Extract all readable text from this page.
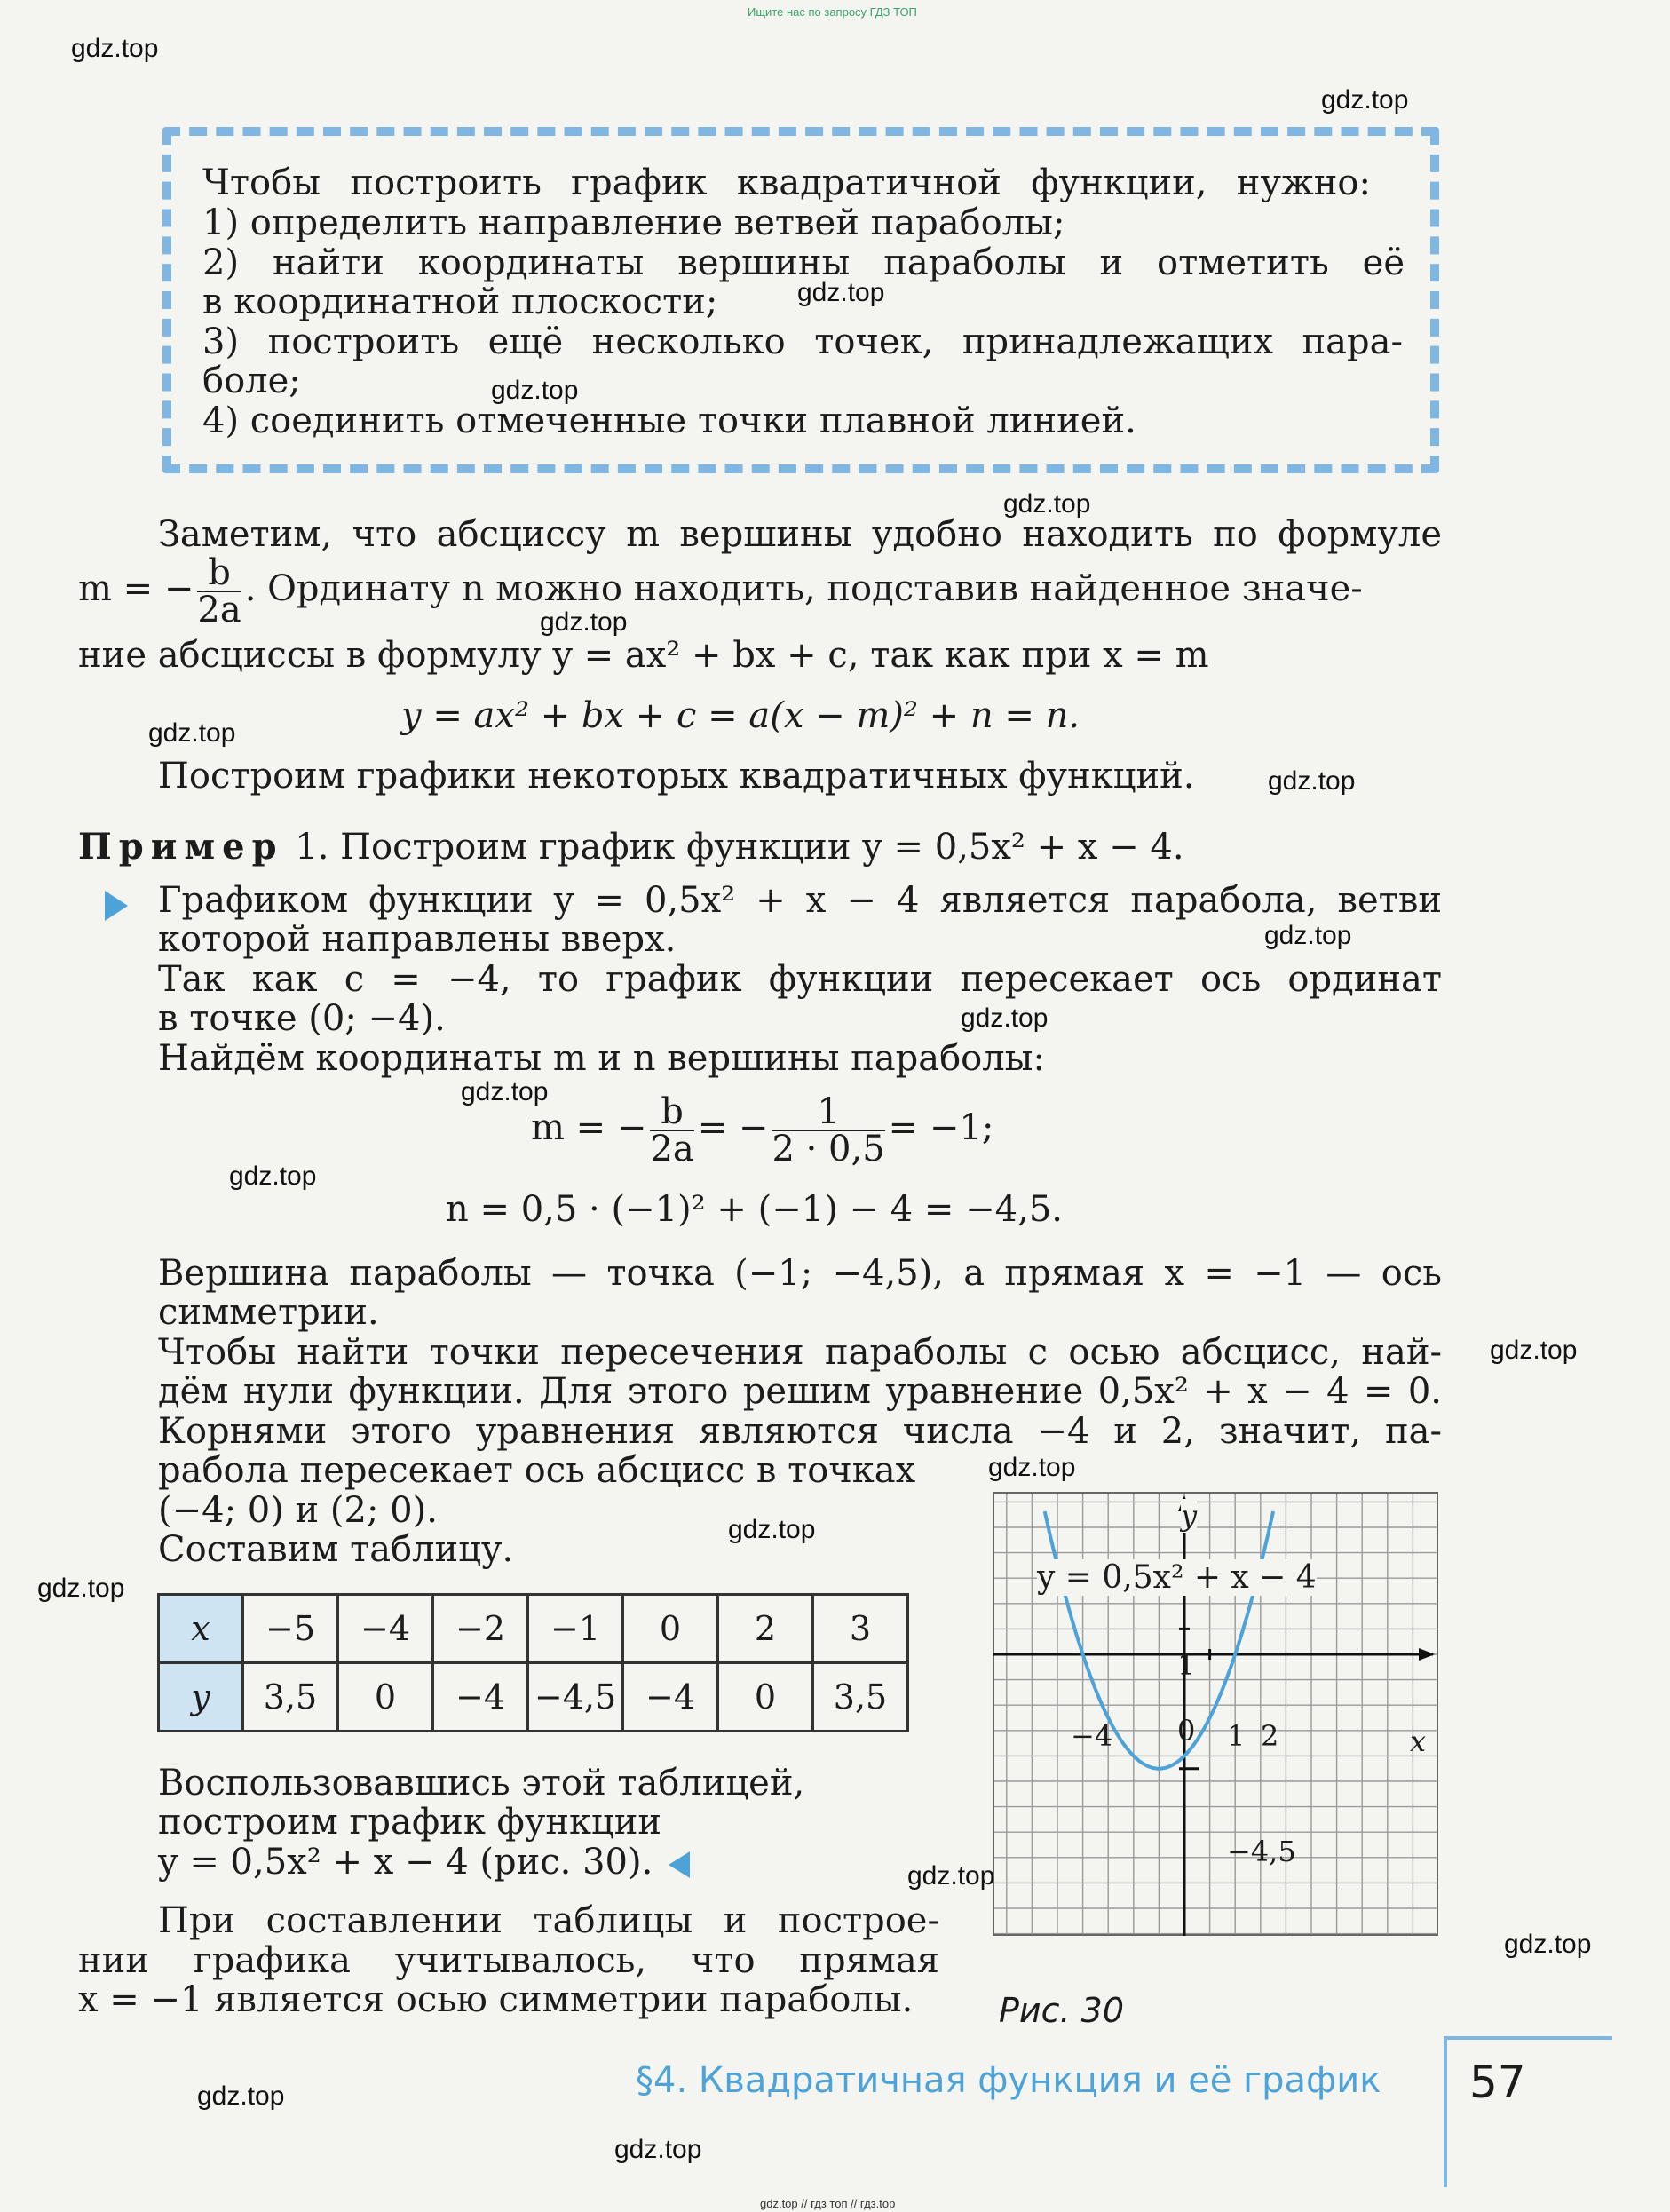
Ищите нас по запросу ГДЗ ТОП
gdz.top // гдз топ // гдз.top
gdz.top
gdz.top
gdz.top
gdz.top
gdz.top
gdz.top
gdz.top
gdz.top
gdz.top
gdz.top
gdz.top
gdz.top
gdz.top
gdz.top
gdz.top
gdz.top
gdz.top
gdz.top
gdz.top
gdz.top
Чтобы построить график квадратичной функции, нужно:
1) определить направление ветвей параболы;
2) найти координаты вершины параболы и отметить её
в координатной плоскости;
3) построить ещё несколько точек, принадлежащих пара-
боле;
4) соединить отмеченные точки плавной линией.
Заметим, что абсциссу m вершины удобно находить по формуле
m = − $\frac{b}{2a}$ . Ординату n можно находить, подставив найденное значе-
ние абсциссы в формулу y = ax² + bx + c, так как при x = m
y = ax² + bx + c = a(x − m)² + n = n.
Построим графики некоторых квадратичных функций.
Пример 1. Построим график функции y = 0,5x² + x − 4.
Графиком функции y = 0,5x² + x − 4 является парабола, ветви
которой направлены вверх.
Так как c = −4, то график функции пересекает ось ординат
в точке (0; −4).
Найдём координаты m и n вершины параболы:
m = − $\frac{b}{2a}$ = − $\frac{1}{2 \cdot 0,5} = -1$;
n = 0,5 · (−1)² + (−1) − 4 = −4,5.
Вершина параболы — точка (−1; −4,5), а прямая x = −1 — ось
симметрии.
Чтобы найти точки пересечения параболы с осью абсцисс, най-
дём нули функции. Для этого решим уравнение 0,5x² + x − 4 = 0.
Корнями этого уравнения являются числа −4 и 2, значит, па-
рабола пересекает ось абсцисс в точках
(−4; 0) и (2; 0).
Составим таблицу.
x	−5	−4	−2	−1	0	2	3
y	3,5	0	−4	−4,5	−4	0	3,5
Воспользовавшись этой таблицей,
построим график функции
y = 0,5x² + x − 4 (рис. 30).
При составлении таблицы и построе-
нии графика учитывалось, что прямая
x = −1 является осью симметрии параболы.
y = 0,5x² + x − 4
y
x
−4 0 1 2
1
−4,5
Рис. 30
§4. Квадратичная функция и её график 57
